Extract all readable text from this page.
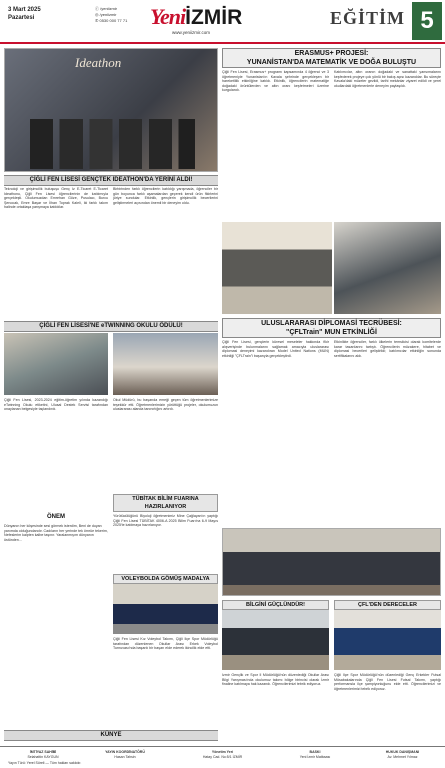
3 Mart 2025
Pazartesi
ⓕ /yeniizmir
◎ /yeniizmir
✆ 0530 000 77 71 YeniİZMİR
www.yeniizmir.com
EĞİTİM 5
Ideathon
ÇİĞLİ FEN LİSESİ GENÇTEK IDEATHON'DA YERİNİ ALDI!
Teknoloji ve girişimcilik buluşuşu Genç İz E-Ticaret E-Ticaret Ideathonu, Çiğli Fen Lisesi öğrencilerinin de katılımıyla gerçekleşti. Okulumuzdan Emrehan Göze, Pusulacı, Burcu Şenocak, Emre Başar ve İlhan Toprak Kaleli, iki farklı takım halinde ortaklaşa yarışmaya katıldılar.
Birbirinden farklı öğrencilerin katıldığı yarışmada, öğrenciler bir gün boyunca farklı aşamalardan geçerek kendi ürün fikirlerini jüriye sundular. Etkinlik, gençlerin girişimcilik becerilerini geliştirmeleri açısından önemli bir deneyim oldu.
ÇİĞLİ FEN LİSESİ'NE eTWINNING OKULU ÖDÜLÜ!
Çiğli Fen Lisesi, 2023-2024 eğitim-öğretim yılında kazandığı eTwinning Okulu etiketini, Ulusal Destek Servisi tarafından onaylanan belgesiyle taçlandırdı.
Okul Müdürü, bu başarıda emeği geçen tüm öğretmenlerimize teşekkür etti. Öğretmenlerimizin yürüttüğü projeler, okulumuzun uluslararası alanda tanınırlığını artırdı.
ÖNEM
Dünyanın her köşesinde sesi görmek isterdim, Beni de duyan yanımda olduğundandır. Cadıların her yerinde tek ömrüe tekerim, Nefeslerim kalpten kalbe taşınır. Yaralanmışım dünyanın üstünden...
TÜBİTAK BİLİM FUARINA HAZIRLANIYOR
Yürütücülüğünü Biyoloji öğretmenimiz Mine Çağlayan'ın yaptığı Çiğli Fen Lisesi TÜBİTAK 4006-A 2025 Bilim Fuarı'na 6-9 Mayıs 2025'te katılmaya hazırlanıyor.
VOLEYBOLDA GÖMÜŞ MADALYA
Çiğli Fen Lisesi Kız Voleybol Takımı, Çiğli İlçe Spor Müdürlüğü tarafından düzenlenen Okullar Arası Erkek Voleybol Turnuvası'nda başarılı bir başarı elde ederek ikincilik elde etti.
KÜNYE
ERASMUS+ PROJESİ:
YUNANİSTAN'DA MATEMATİK VE DOĞA BULUŞTU
Çiğli Fen Lisesi, Erasmus+ programı kapsamında 4 öğrenci ve 3 öğretmeniyle Yunanistan'ın Kavala şehrinde gerçekleşen bir hareketlilik etkinliğine katıldı. Etkinlik, öğrencilerin matematiğe doğadaki örüntülerden ve altın oranı keşfetmeleri üzerine kurgulandı.
Katılımcılar, altın oranın doğadaki ve sanattaki yansımalarını keşfederek projeye çok yönlü bir bakış açısı kazandılar. Bu süreçte Kavala'daki müzeler gezildi, tarihi mekânlar ziyaret edildi ve yerel okullardaki öğretmenlerle deneyim paylaşıldı.
ULUSLARARASI DİPLOMASİ TECRÜBESİ:
"ÇFLTrain" MUN ETKİNLİĞİ
Çiğli Fen Lisesi, gençlerin küresel meseleler hakkında fikir alışverişinde bulunmalarını sağlamak amacıyla uluslararası diplomasi deneyimi kazandıran Model United Nations (MUN) etkinliği "ÇFLTrain"i başarıyla gerçekleştirdi.
Etkinlikte öğrenciler, farklı ülkelerin temsilcisi olarak komitelerde karar tasarılarını tartıştı. Öğrencilerin müzakere, hitabet ve diplomasi becerileri geliştirildi; katılımcılar etkinliğin sonunda sertifikalarını aldı.
BİLGİNİ GÜÇLÜNDÜR!
İzmir Gençlik ve Spor İl Müdürlüğü'nün düzenlediği Okullar Arası Bilgi Yarışması'nda okulumuz takımı bölge birincisi olarak İzmir finaline katılmaya hak kazandı. Öğrencilerimizi tebrik ediyoruz.
ÇFL'DEN DERECELER
Çiğli İlçe Spor Müdürlüğü'nün düzenlediği Genç Erkekler Futsal Müsabakalarında Çiğli Fen Lisesi Futsal Takımı, yaptığı performansla ilçe şampiyonluğunu elde etti. Öğrencilerimizi ve öğretmenlerimizi tebrik ediyoruz.
İMTİYAZ SAHİBİ
Selahattin KAYGUN
YAYIN KOORDİNATÖRÜ
Hasan Tahsin
Yönetim Yeri
Hatay Cad. No:5/1 İZMİR
BASKI
Yeni İzmir Matbaası
HUKUK DANIŞMANI
Av. Mehmet Yılmaz
Yayın Türü: Yerel Süreli — Tüm hakları saklıdır.
